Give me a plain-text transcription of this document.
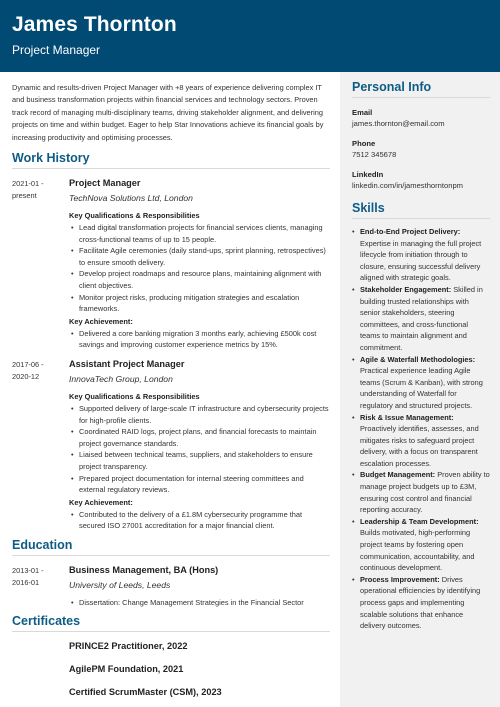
James Thornton
Project Manager

Dynamic and results-driven Project Manager with +8 years of experience delivering complex IT and business transformation projects within financial services and technology sectors. Proven track record of managing multi-disciplinary teams, driving stakeholder alignment, and delivering projects on time and within budget. Eager to help Star Innovations achieve its financial goals by increasing productivity and optimising processes.

Work History
2021-01 - present
Project Manager
TechNova Solutions Ltd, London
Key Qualifications & Responsibilities
• Lead digital transformation projects for financial services clients, managing cross-functional teams of up to 15 people.
• Facilitate Agile ceremonies (daily stand-ups, sprint planning, retrospectives) to ensure smooth delivery.
• Develop project roadmaps and resource plans, maintaining alignment with client objectives.
• Monitor project risks, producing mitigation strategies and escalation frameworks.
Key Achievement:
• Delivered a core banking migration 3 months early, achieving £500k cost savings and improving customer experience metrics by 15%.
2017-06 - 2020-12
Assistant Project Manager
InnovaTech Group, London
Key Qualifications & Responsibilities
• Supported delivery of large-scale IT infrastructure and cybersecurity projects for high-profile clients.
• Coordinated RAID logs, project plans, and financial forecasts to maintain project governance standards.
• Liaised between technical teams, suppliers, and stakeholders to ensure project transparency.
• Prepared project documentation for internal steering committees and external regulatory reviews.
Key Achievement:
• Contributed to the delivery of a £1.8M cybersecurity programme that secured ISO 27001 accreditation for a major financial client.
Education
2013-01 - 2016-01
Business Management, BA (Hons)
University of Leeds, Leeds
• Dissertation: Change Management Strategies in the Financial Sector
Certificates
PRINCE2 Practitioner, 2022
AgilePM Foundation, 2021
Certified ScrumMaster (CSM), 2023
Personal Info
Email
james.thornton@email.com
Phone
7512 345678
LinkedIn
linkedin.com/in/jamesthorntonpm
Skills
• End-to-End Project Delivery: Expertise in managing the full project lifecycle from initiation through to closure, ensuring successful delivery aligned with strategic goals.
• Stakeholder Engagement: Skilled in building trusted relationships with senior stakeholders, steering committees, and cross-functional teams to maintain alignment and commitment.
• Agile & Waterfall Methodologies: Practical experience leading Agile teams (Scrum & Kanban), with strong understanding of Waterfall for regulatory and structured projects.
• Risk & Issue Management: Proactively identifies, assesses, and mitigates risks to safeguard project delivery, with a focus on transparent escalation processes.
• Budget Management: Proven ability to manage project budgets up to £3M, ensuring cost control and financial reporting accuracy.
• Leadership & Team Development: Builds motivated, high-performing project teams by fostering open communication, accountability, and continuous development.
• Process Improvement: Drives operational efficiencies by identifying process gaps and implementing scalable solutions that enhance delivery outcomes.
